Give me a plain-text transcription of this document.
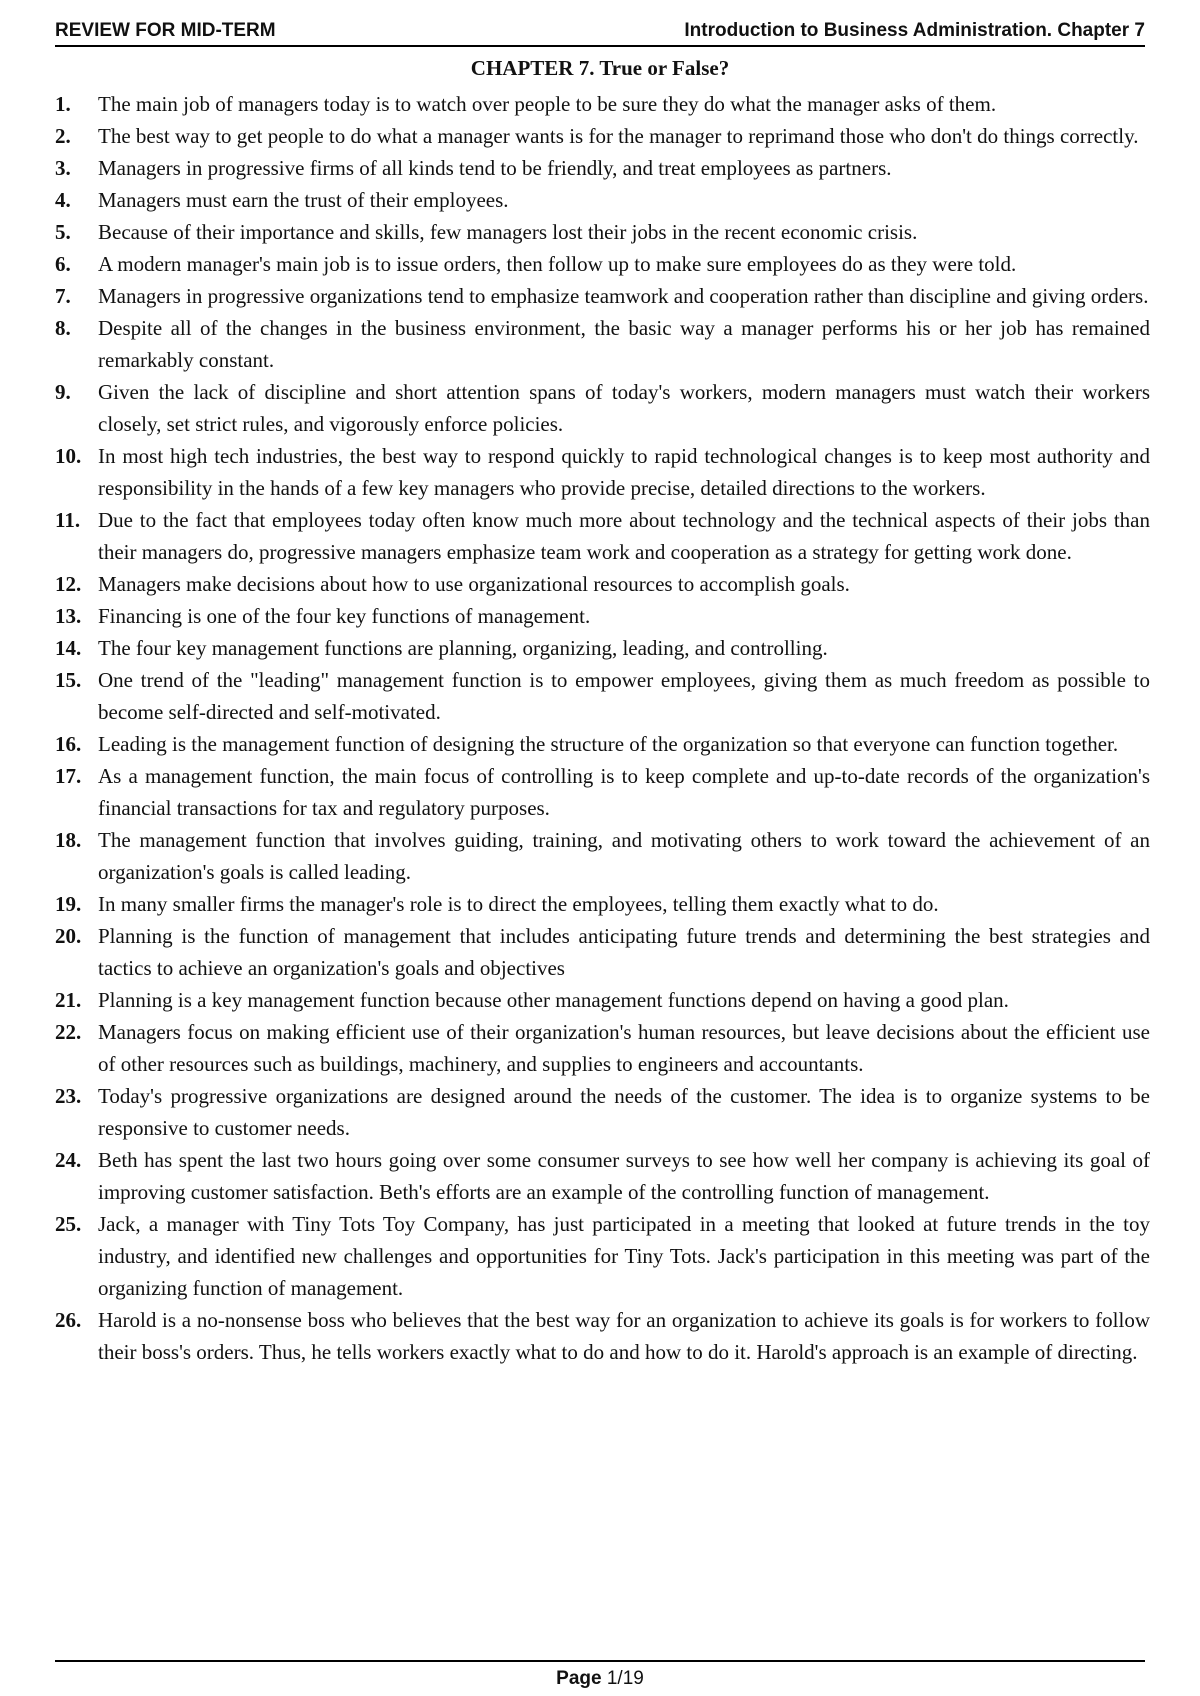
REVIEW FOR MID-TERM	Introduction to Business Administration. Chapter 7
CHAPTER 7. True or False?
1.	The main job of managers today is to watch over people to be sure they do what the manager asks of them.
2.	The best way to get people to do what a manager wants is for the manager to reprimand those who don't do things correctly.
3.	Managers in progressive firms of all kinds tend to be friendly, and treat employees as partners.
4.	Managers must earn the trust of their employees.
5.	Because of their importance and skills, few managers lost their jobs in the recent economic crisis.
6.	A modern manager's main job is to issue orders, then follow up to make sure employees do as they were told.
7.	Managers in progressive organizations tend to emphasize teamwork and cooperation rather than discipline and giving orders.
8.	Despite all of the changes in the business environment, the basic way a manager performs his or her job has remained remarkably constant.
9.	Given the lack of discipline and short attention spans of today's workers, modern managers must watch their workers closely, set strict rules, and vigorously enforce policies.
10. In most high tech industries, the best way to respond quickly to rapid technological changes is to keep most authority and responsibility in the hands of a few key managers who provide precise, detailed directions to the workers.
11. Due to the fact that employees today often know much more about technology and the technical aspects of their jobs than their managers do, progressive managers emphasize team work and cooperation as a strategy for getting work done.
12. Managers make decisions about how to use organizational resources to accomplish goals.
13. Financing is one of the four key functions of management.
14. The four key management functions are planning, organizing, leading, and controlling.
15. One trend of the "leading" management function is to empower employees, giving them as much freedom as possible to become self-directed and self-motivated.
16. Leading is the management function of designing the structure of the organization so that everyone can function together.
17. As a management function, the main focus of controlling is to keep complete and up-to-date records of the organization's financial transactions for tax and regulatory purposes.
18. The management function that involves guiding, training, and motivating others to work toward the achievement of an organization's goals is called leading.
19. In many smaller firms the manager's role is to direct the employees, telling them exactly what to do.
20. Planning is the function of management that includes anticipating future trends and determining the best strategies and tactics to achieve an organization's goals and objectives
21. Planning is a key management function because other management functions depend on having a good plan.
22. Managers focus on making efficient use of their organization's human resources, but leave decisions about the efficient use of other resources such as buildings, machinery, and supplies to engineers and accountants.
23. Today's progressive organizations are designed around the needs of the customer. The idea is to organize systems to be responsive to customer needs.
24. Beth has spent the last two hours going over some consumer surveys to see how well her company is achieving its goal of improving customer satisfaction. Beth's efforts are an example of the controlling function of management.
25. Jack, a manager with Tiny Tots Toy Company, has just participated in a meeting that looked at future trends in the toy industry, and identified new challenges and opportunities for Tiny Tots. Jack's participation in this meeting was part of the organizing function of management.
26. Harold is a no-nonsense boss who believes that the best way for an organization to achieve its goals is for workers to follow their boss's orders. Thus, he tells workers exactly what to do and how to do it. Harold's approach is an example of directing.
Page 1/19
